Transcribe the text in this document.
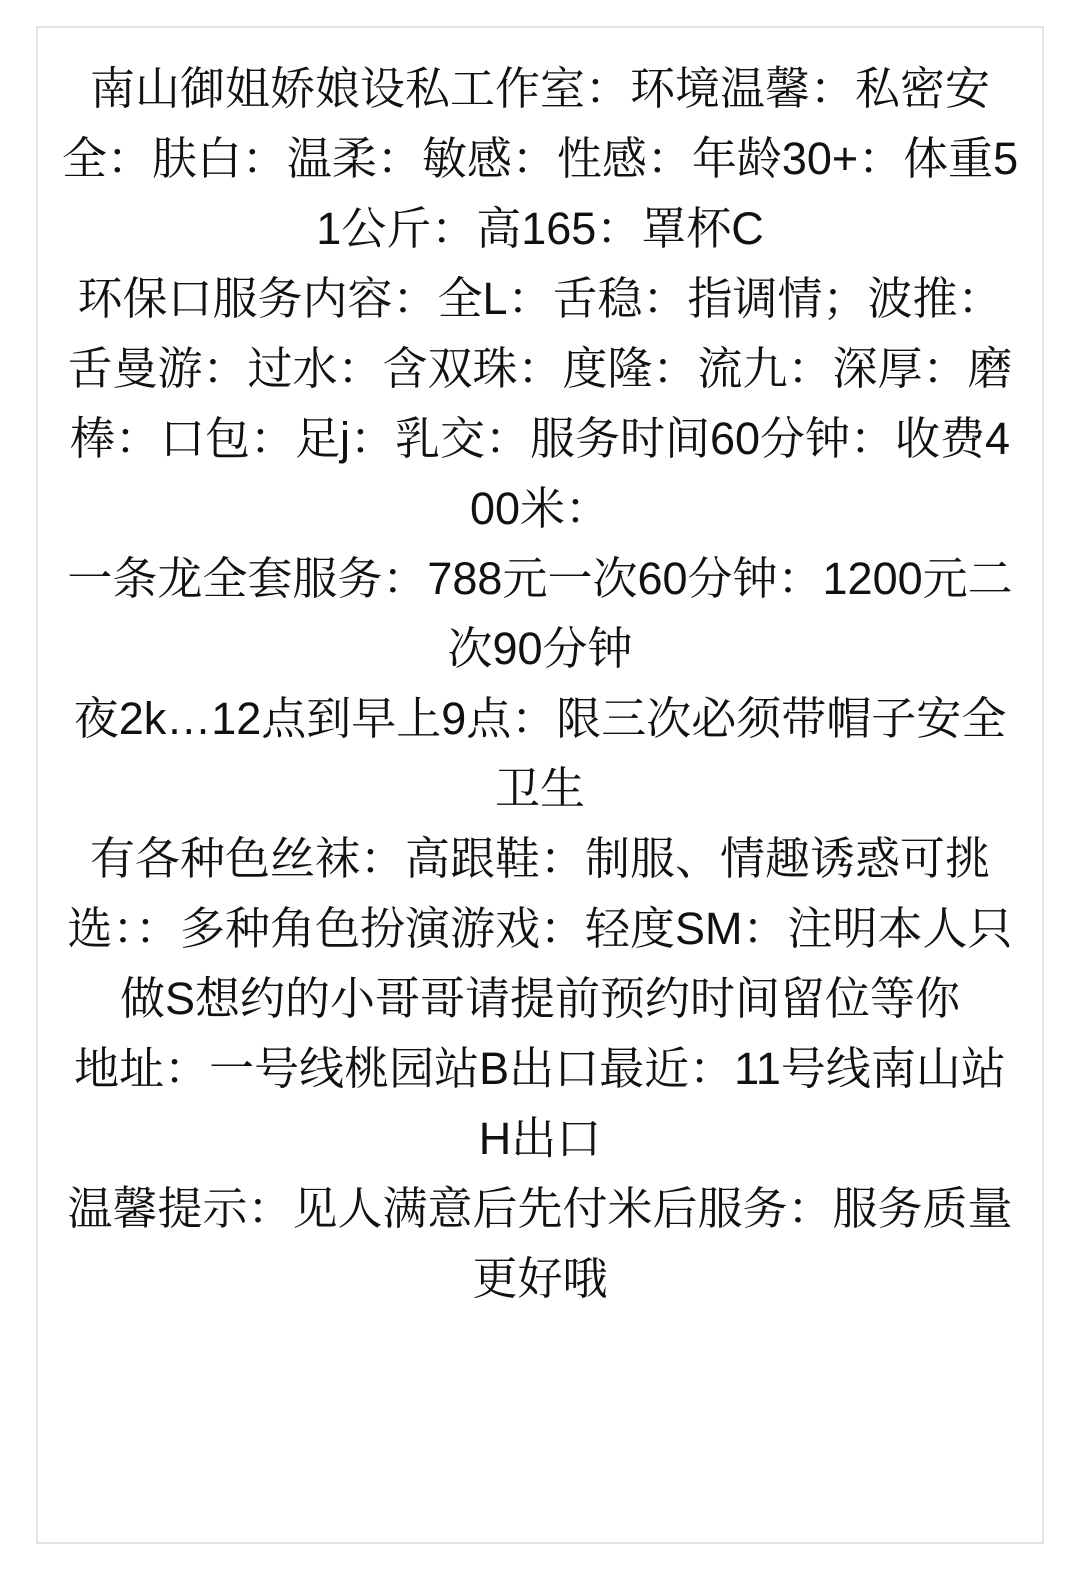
南山御姐娇娘设私工作室：环境温馨：私密安全：肤白：温柔：敏感：性感：年龄30+：体重51公斤：高165：罩杯C

环保口服务内容：全L：舌稳：指调情；波推：舌曼游：过水：含双珠：度隆：流九：深厚：磨棒：口包：足j：乳交：服务时间60分钟：收费400米：

一条龙全套服务：788元一次60分钟：1200元二次90分钟

夜2k…12点到早上9点：限三次必须带帽子安全卫生

有各种色丝袜：高跟鞋：制服、情趣诱惑可挑选：：多种角色扮演游戏：轻度SM：注明本人只做S想约的小哥哥请提前预约时间留位等你

地址：一号线桃园站B出口最近：11号线南山站H出口

温馨提示：见人满意后先付米后服务：服务质量更好哦
